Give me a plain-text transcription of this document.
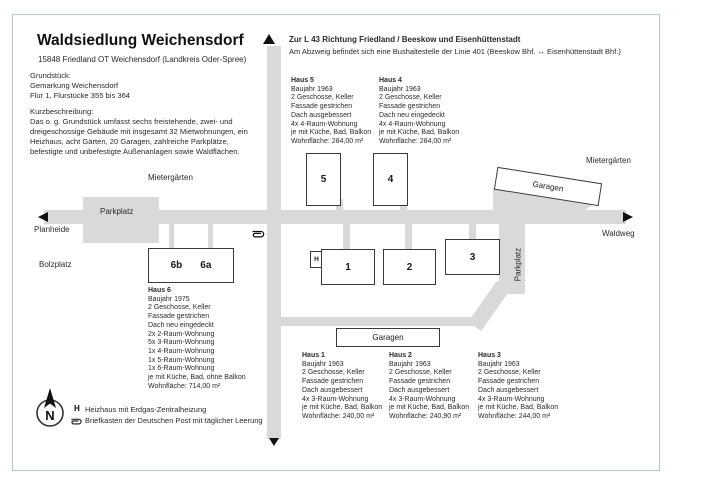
Waldsiedlung Weichensdorf
15848 Friedland OT Weichensdorf (Landkreis Oder-Spree)
Grundstück:
Gemarkung Weichensdorf
Flur 1, Flurstücke 355 bis 364
Kurzbeschreibung:
Das o. g. Grundstück umfasst sechs freistehende, zwei- und dreigeschossige Gebäude mit insgesamt 32 Mietwohnungen, ein Heizhaus, acht Gärten, 20 Garagen, zahlreiche Parkplätze, befestigte und unbefestigte Außenanlagen sowie Waldflächen.
Zur L 43 Richtung Friedland / Beeskow und Eisenhüttenstadt
Am Abzweig befindet sich eine Bushaltestelle der Linie 401 (Beeskow Bhf. ↔ Eisenhüttenstadt Bhf.)
5	4
6b 6a
H
1	2
3
Garagen
Garagen
Mietergärten
Parkplatz
Planheide
Bolzplatz
Mietergärten
Waldweg
Parkplatz
Haus 5
Baujahr 1963
2 Geschosse, Keller
Fassade gestrichen
Dach ausgebessert
4x 4-Raum-Wohnung
je mit Küche, Bad, Balkon
Wohnfläche: 284,00 m²
Haus 4
Baujahr 1963
2 Geschosse, Keller
Fassade gestrichen
Dach neu eingedeckt
4x 4-Raum-Wohnung
je mit Küche, Bad, Balkon
Wohnfläche: 284,00 m²
Haus 6
Baujahr 1975
2 Geschosse, Keller
Fassade gestrichen
Dach neu eingedeckt
2x 2-Raum-Wohnung
5x 3-Raum-Wohnung
1x 4-Raum-Wohnung
1x 5-Raum-Wohnung
1x 6-Raum-Wohnung
je mit Küche, Bad, ohne Balkon
Wohnfläche: 714,00 m²
Haus 1
Baujahr 1963
2 Geschosse, Keller
Fassade gestrichen
Dach ausgebessert
4x 3-Raum-Wohnung
je mit Küche, Bad, Balkon
Wohnfläche: 240,00 m²
Haus 2
Baujahr 1963
2 Geschosse, Keller
Fassade gestrichen
Dach ausgebessert
4x 3-Raum-Wohnung
je mit Küche, Bad, Balkon
Wohnfläche: 240,90 m²
Haus 3
Baujahr 1963
2 Geschosse, Keller
Fassade gestrichen
Dach ausgebessert
4x 3-Raum-Wohnung
je mit Küche, Bad, Balkon
Wohnfläche: 244,00 m²
N H Heizhaus mit Erdgas-Zentralheizung
Briefkasten der Deutschen Post mit täglicher Leerung
